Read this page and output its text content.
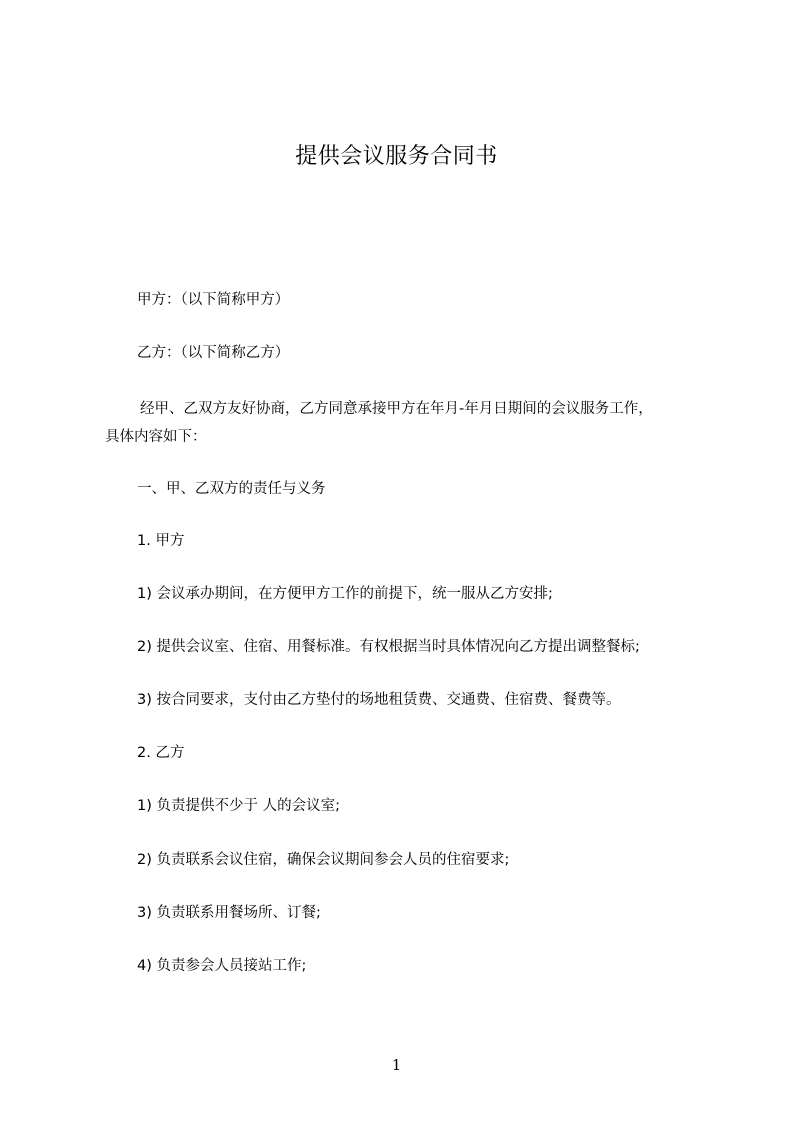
提供会议服务合同书
甲方：（以下简称甲方）
乙方：（以下简称乙方）
经甲、乙双方友好协商，乙方同意承接甲方在年月-年月日期间的会议服务工作，
具体内容如下：
一、甲、乙双方的责任与义务
1. 甲方
1) 会议承办期间，在方便甲方工作的前提下，统一服从乙方安排;
2) 提供会议室、住宿、用餐标准。有权根据当时具体情况向乙方提出调整餐标;
3) 按合同要求，支付由乙方垫付的场地租赁费、交通费、住宿费、餐费等。
2. 乙方
1) 负责提供不少于 人的会议室;
2) 负责联系会议住宿，确保会议期间参会人员的住宿要求;
3) 负责联系用餐场所、订餐;
4) 负责参会人员接站工作;
1
